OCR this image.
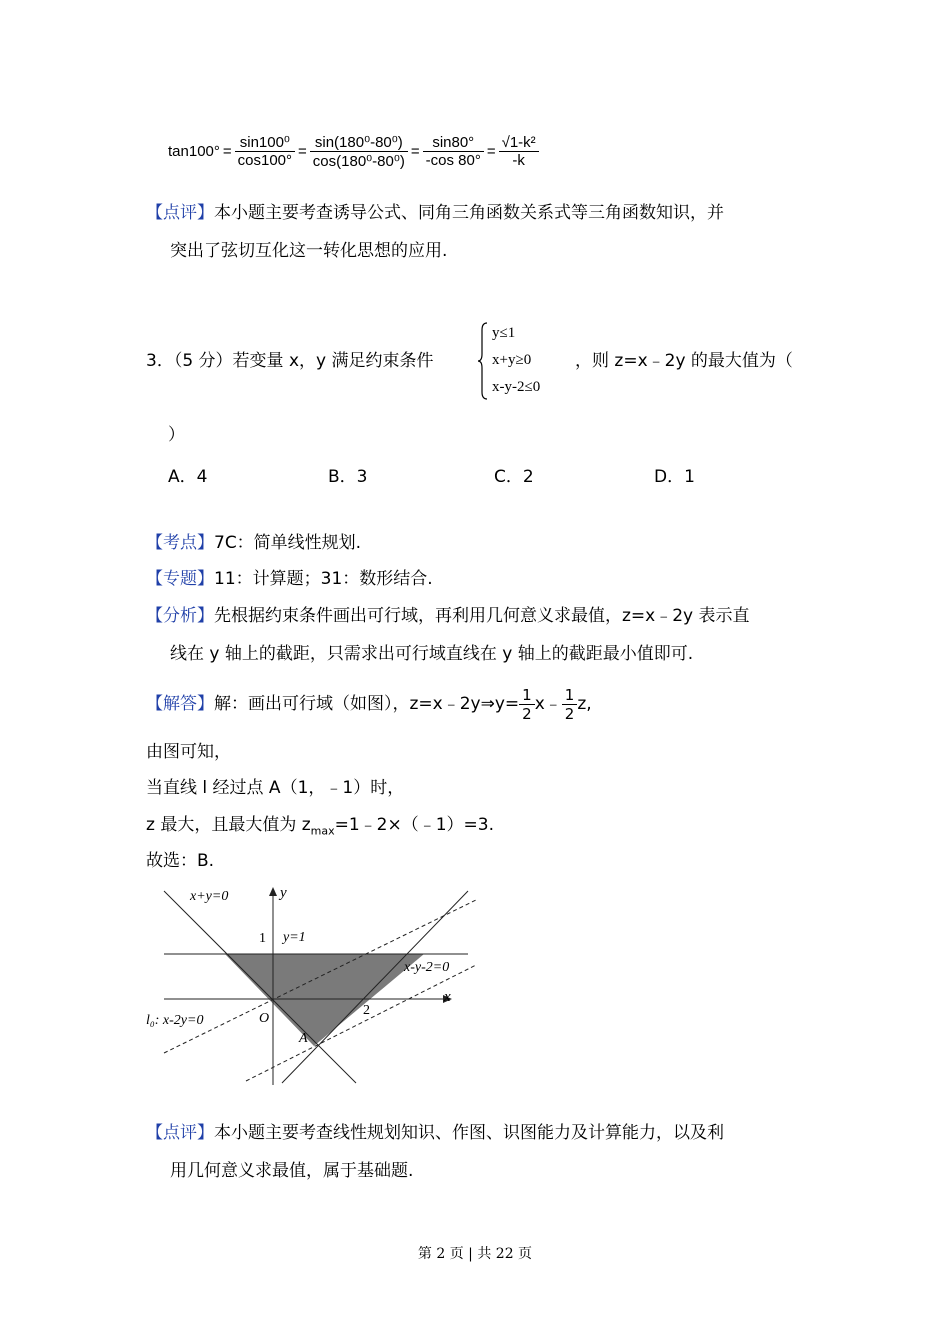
$\tan 100^\circ = \frac{\text{sin100⁰}}{\cos 100^\circ} = \frac{\text{sin(180⁰-80⁰)}}{\text{cos(180⁰-80⁰)}} = \frac{\sin 80^\circ}{-\cos 80^\circ} = \frac{\text{√1-k²}}{-k}$
【点评】本小题主要考查诱导公式、同角三角函数关系式等三角函数知识，并
突出了弦切互化这一转化思想的应用.
3．（5 分）若变量 x，y 满足约束条件
y≤1
x+y≥0
x-y-2≤0
，则 z=x﹣2y 的最大值为（
）
A．4	B．3	C．2	D．1
【考点】7C：简单线性规划.
【专题】11：计算题；31：数形结合.
【分析】先根据约束条件画出可行域，再利用几何意义求最值，z=x﹣2y 表示直
线在 y 轴上的截距，只需求出可行域直线在 y 轴上的截距最小值即可.
【解答】 解：画出可行域（如图），z=x﹣2y⇒y= $\frac{1}{2}$ x﹣ $\frac{1}{2} z$,
由图可知，
当直线 l 经过点 A（1，﹣1）时，
z 最大，且最大值为 $z_{max}=1﹣2\times(﹣1)=3$.
故选：B.
x+y=0	y
1 y=1
x-y-2=0
x
2
O
l₀: x-2y=0
A
【点评】本小题主要考查线性规划知识、作图、识图能力及计算能力，以及利
用几何意义求最值，属于基础题.
第 2 页 | 共 22 页
